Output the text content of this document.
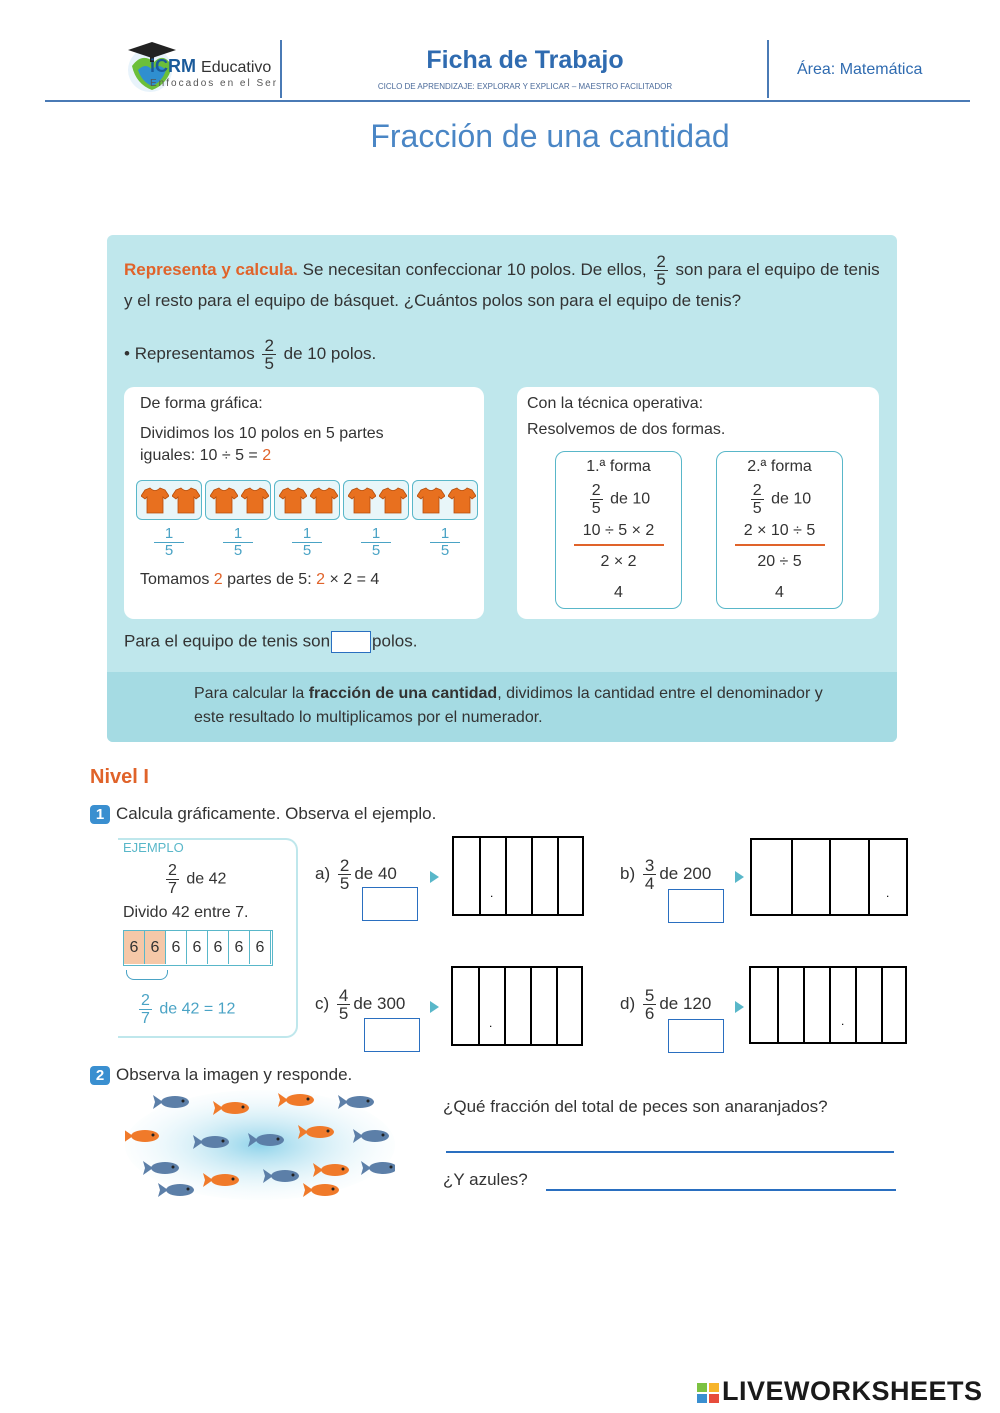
iCRM Educativo
Enfocados en el Ser
Ficha de Trabajo
CICLO DE APRENDIZAJE: EXPLORAR Y EXPLICAR – MAESTRO FACILITADOR
Área: Matemática
Fracción de una cantidad
Representa y calcula. Se necesitan confeccionar 10 polos. De ellos, $\frac{2}{5}$ son para el equipo de tenis y el resto para el equipo de básquet. ¿Cuántos polos son para el equipo de tenis?
• Representamos $\frac{2}{5}$ de 10 polos.
De forma gráfica:
Dividimos los 10 polos en 5 partes
iguales: 10 ÷ 5 = 2
Tomamos 2 partes de 5: 2 × 2 = 4
1
5
1
5
1
5
1
5
1
5
Con la técnica operativa:
Resolvemos de dos formas.
1.ª forma
$\frac{2}{5}$ de 10
10 ÷ 5 × 2
2 × 2
4
2.ª forma
$\frac{2}{5}$ de 10
2 × 10 ÷ 5
20 ÷ 5
4
Para el equipo de tenis son polos.
Para calcular la fracción de una cantidad, dividimos la cantidad entre el denominador y este resultado lo multiplicamos por el numerador.
Nivel I
1 Calcula gráficamente. Observa el ejemplo.
EJEMPLO
$\frac{2}{7}$ de 42
Divido 42 entre 7.
6 6 6 6 6 6 6
$\frac{2}{7}$ de 42 = 12
$a) \frac{2}{5}$ de 40
.
$b) \frac{3}{4}$ de 200
.
$c) \frac{4}{5}$ de 300
.
$d) \frac{5}{6}$ de 120
.
2 Observa la imagen y responde.
¿Qué fracción del total de peces son anaranjados?
¿Y azules?
LIVEWORKSHEETS
